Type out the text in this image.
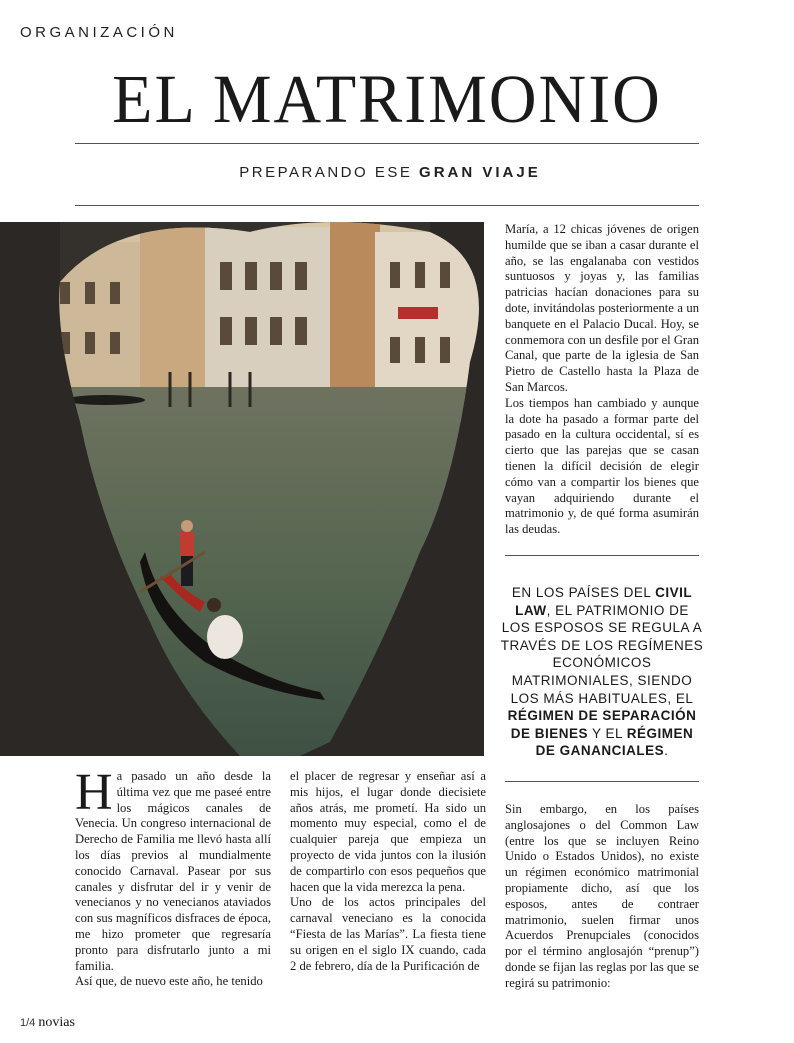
ORGANIZACIÓN
EL MATRIMONIO
PREPARANDO ESE GRAN VIAJE

María, a 12 chicas jóvenes de origen humilde que se iban a casar durante el año, se las engalanaba con vestidos suntuosos y joyas y, las familias patricias hacían donaciones para su dote, invitándolas posteriormente a un banquete en el Palacio Ducal. Hoy, se conmemora con un desfile por el Gran Canal, que parte de la iglesia de San Pietro de Castello hasta la Plaza de San Marcos.

Los tiempos han cambiado y aunque la dote ha pasado a formar parte del pasado en la cultura occidental, sí es cierto que las parejas que se casan tienen la difícil decisión de elegir cómo van a compartir los bienes que vayan adquiriendo durante el matrimonio y, de qué forma asumirán las deudas.

EN LOS PAÍSES DEL CIVIL LAW, EL PATRIMONIO DE LOS ESPOSOS SE REGULA A TRAVÉS DE LOS REGÍMENES ECONÓMICOS MATRIMONIALES, SIENDO LOS MÁS HABITUALES, EL RÉGIMEN DE SEPARACIÓN DE BIENES Y EL RÉGIMEN DE GANANCIALES.

Ha pasado un año desde la última vez que me paseé entre los mágicos canales de Venecia. Un congreso internacional de Derecho de Familia me llevó hasta allí los días previos al mundialmente conocido Carnaval. Pasear por sus canales y disfrutar del ir y venir de venecianos y no venecianos ataviados con sus magníficos disfraces de época, me hizo prometer que regresaría pronto para disfrutarlo junto a mi familia.

Así que, de nuevo este año, he tenido

el placer de regresar y enseñar así a mis hijos, el lugar donde diecisiete años atrás, me prometí. Ha sido un momento muy especial, como el de cualquier pareja que empieza un proyecto de vida juntos con la ilusión de compartirlo con esos pequeños que hacen que la vida merezca la pena.

Uno de los actos principales del carnaval veneciano es la conocida “Fiesta de las Marías”. La fiesta tiene su origen en el siglo IX cuando, cada 2 de febrero, día de la Purificación de

Sin embargo, en los países anglosajones o del Common Law (entre los que se incluyen Reino Unido o Estados Unidos), no existe un régimen económico matrimonial propiamente dicho, así que los esposos, antes de contraer matrimonio, suelen firmar unos Acuerdos Prenupciales (conocidos por el término anglosajón “prenup”) donde se fijan las reglas por las que se regirá su patrimonio:

1/4 novias
